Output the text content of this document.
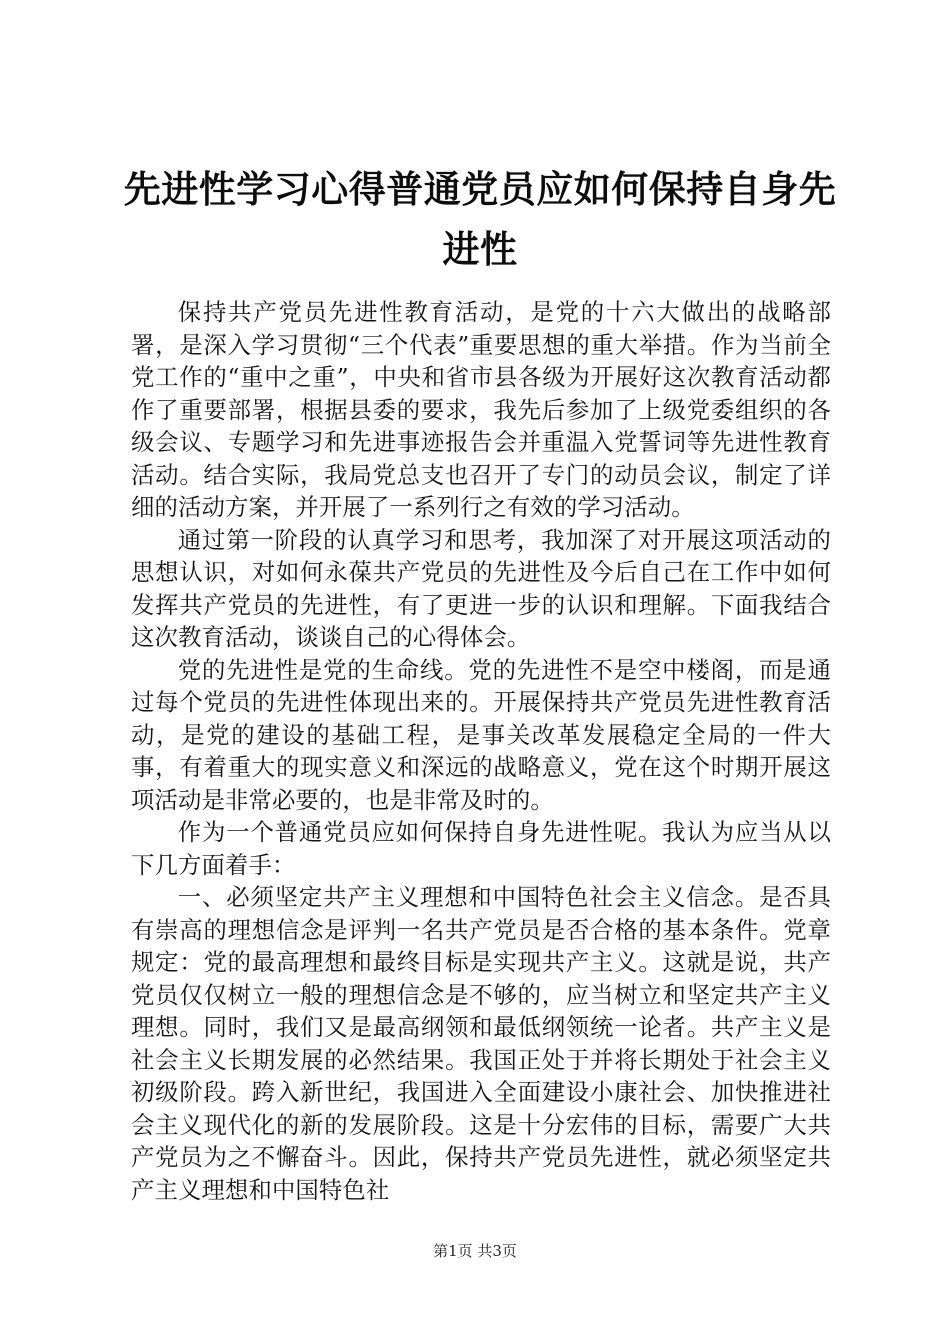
先进性学习心得普通党员应如何保持自身先进性

保持共产党员先进性教育活动，是党的十六大做出的战略部署，是深入学习贯彻“三个代表”重要思想的重大举措。作为当前全党工作的“重中之重”，中央和省市县各级为开展好这次教育活动都作了重要部署，根据县委的要求，我先后参加了上级党委组织的各级会议、专题学习和先进事迹报告会并重温入党誓词等先进性教育活动。结合实际，我局党总支也召开了专门的动员会议，制定了详细的活动方案，并开展了一系列行之有效的学习活动。

通过第一阶段的认真学习和思考，我加深了对开展这项活动的思想认识，对如何永葆共产党员的先进性及今后自己在工作中如何发挥共产党员的先进性，有了更进一步的认识和理解。下面我结合这次教育活动，谈谈自己的心得体会。

党的先进性是党的生命线。党的先进性不是空中楼阁，而是通过每个党员的先进性体现出来的。开展保持共产党员先进性教育活动，是党的建设的基础工程，是事关改革发展稳定全局的一件大事，有着重大的现实意义和深远的战略意义，党在这个时期开展这项活动是非常必要的，也是非常及时的。

作为一个普通党员应如何保持自身先进性呢。我认为应当从以下几方面着手：

一、必须坚定共产主义理想和中国特色社会主义信念。是否具有崇高的理想信念是评判一名共产党员是否合格的基本条件。党章规定：党的最高理想和最终目标是实现共产主义。这就是说，共产党员仅仅树立一般的理想信念是不够的，应当树立和坚定共产主义理想。同时，我们又是最高纲领和最低纲领统一论者。共产主义是社会主义长期发展的必然结果。我国正处于并将长期处于社会主义初级阶段。跨入新世纪，我国进入全面建设小康社会、加快推进社会主义现代化的新的发展阶段。这是十分宏伟的目标，需要广大共产党员为之不懈奋斗。因此，保持共产党员先进性，就必须坚定共产主义理想和中国特色社

第1页 共3页
